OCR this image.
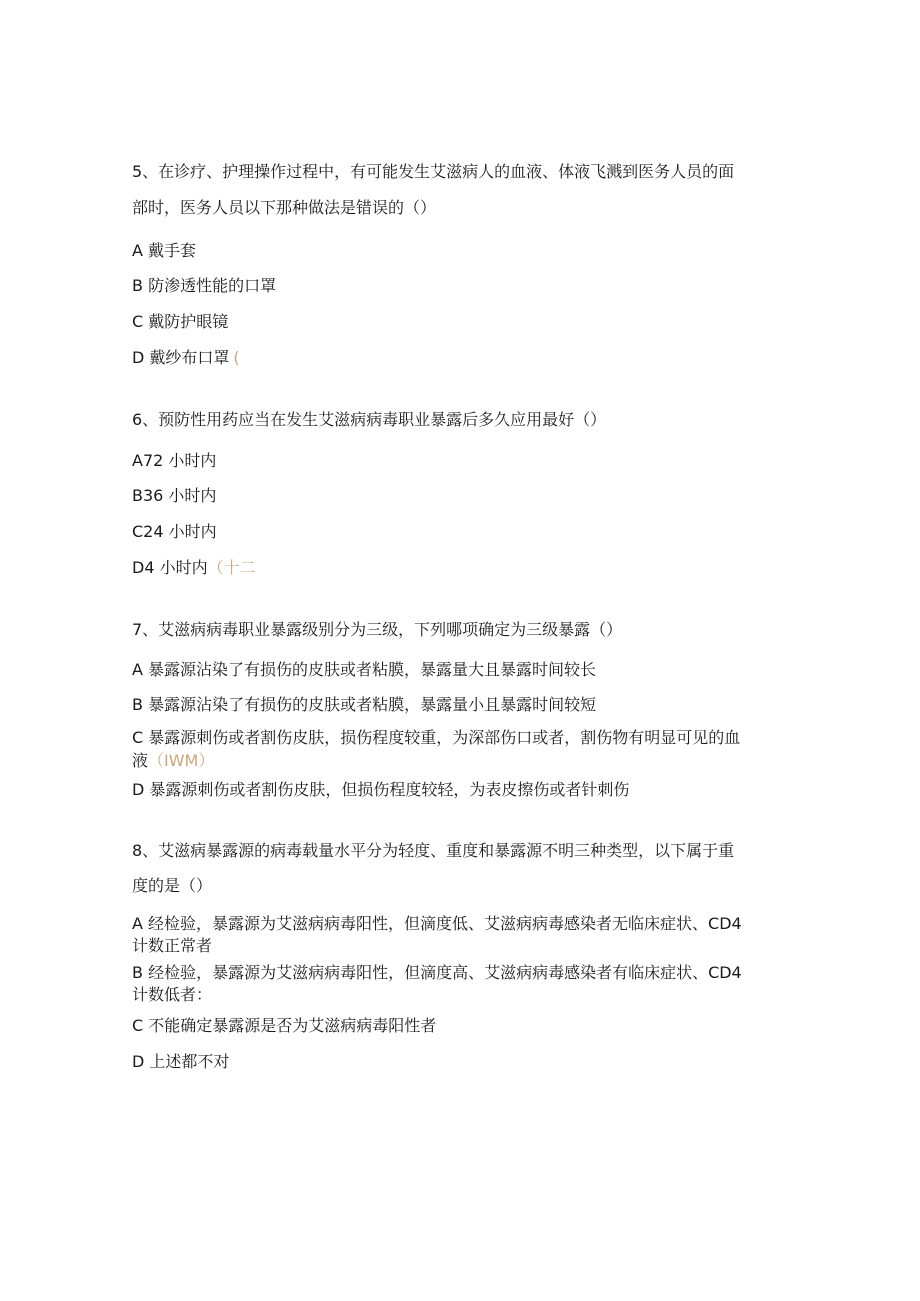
5、在诊疗、护理操作过程中，有可能发生艾滋病人的血液、体液飞溅到医务人员的面
部时，医务人员以下那种做法是错误的（）
A 戴手套
B 防渗透性能的口罩
C 戴防护眼镜
D 戴纱布口罩 (
6、预防性用药应当在发生艾滋病病毒职业暴露后多久应用最好（）
A72 小时内
B36 小时内
C24 小时内
D4 小时内（十二
7、艾滋病病毒职业暴露级别分为三级，下列哪项确定为三级暴露（）
A 暴露源沾染了有损伤的皮肤或者粘膜，暴露量大且暴露时间较长
B 暴露源沾染了有损伤的皮肤或者粘膜，暴露量小且暴露时间较短
C 暴露源刺伤或者割伤皮肤，损伤程度较重，为深部伤口或者，割伤物有明显可见的血
液（IWM）
D 暴露源刺伤或者割伤皮肤，但损伤程度较轻，为表皮擦伤或者针刺伤
8、艾滋病暴露源的病毒载量水平分为轻度、重度和暴露源不明三种类型，以下属于重
度的是（）
A 经检验，暴露源为艾滋病病毒阳性，但滴度低、艾滋病病毒感染者无临床症状、CD4
计数正常者
B 经检验，暴露源为艾滋病病毒阳性，但滴度高、艾滋病病毒感染者有临床症状、CD4
计数低者：
C 不能确定暴露源是否为艾滋病病毒阳性者
D 上述都不对
